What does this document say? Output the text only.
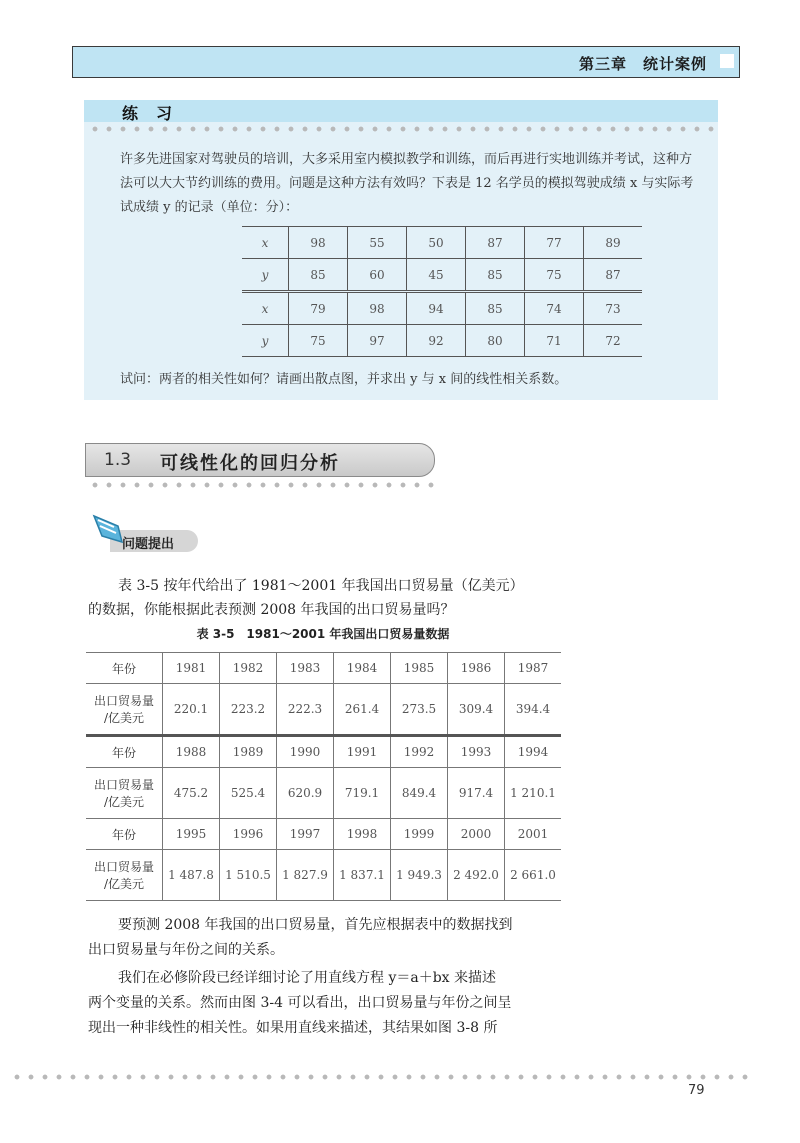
第三章　统计案例
练习
许多先进国家对驾驶员的培训，大多采用室内模拟教学和训练，而后再进行实地训练并考试，这种方法可以大大节约训练的费用。问题是这种方法有效吗？下表是 12 名学员的模拟驾驶成绩 x 与实际考试成绩 y 的记录（单位：分）：
x	98	55	50	87	77	89
y	85	60	45	85	75	87
x	79	98	94	85	74	73
y	75	97	92	80	71	72
试问：两者的相关性如何？请画出散点图，并求出 y 与 x 间的线性相关系数。
1.3 可线性化的回归分析
问题提出
表 3-5 按年代给出了 1981～2001 年我国出口贸易量（亿美元）
的数据，你能根据此表预测 2008 年我国的出口贸易量吗？
表 3-5　1981～2001 年我国出口贸易量数据
年份	1981	1982	1983	1984	1985	1986	1987
出口贸易量
/亿美元	220.1	223.2	222.3	261.4	273.5	309.4	394.4
年份	1988	1989	1990	1991	1992	1993	1994
出口贸易量
/亿美元	475.2	525.4	620.9	719.1	849.4	917.4	1 210.1
年份	1995	1996	1997	1998	1999	2000	2001
出口贸易量
/亿美元	1 487.8	1 510.5	1 827.9	1 837.1	1 949.3	2 492.0	2 661.0
要预测 2008 年我国的出口贸易量，首先应根据表中的数据找到
出口贸易量与年份之间的关系。
我们在必修阶段已经详细讨论了用直线方程 y＝a＋bx 来描述
两个变量的关系。然而由图 3-4 可以看出，出口贸易量与年份之间呈
现出一种非线性的相关性。如果用直线来描述，其结果如图 3-8 所
79
